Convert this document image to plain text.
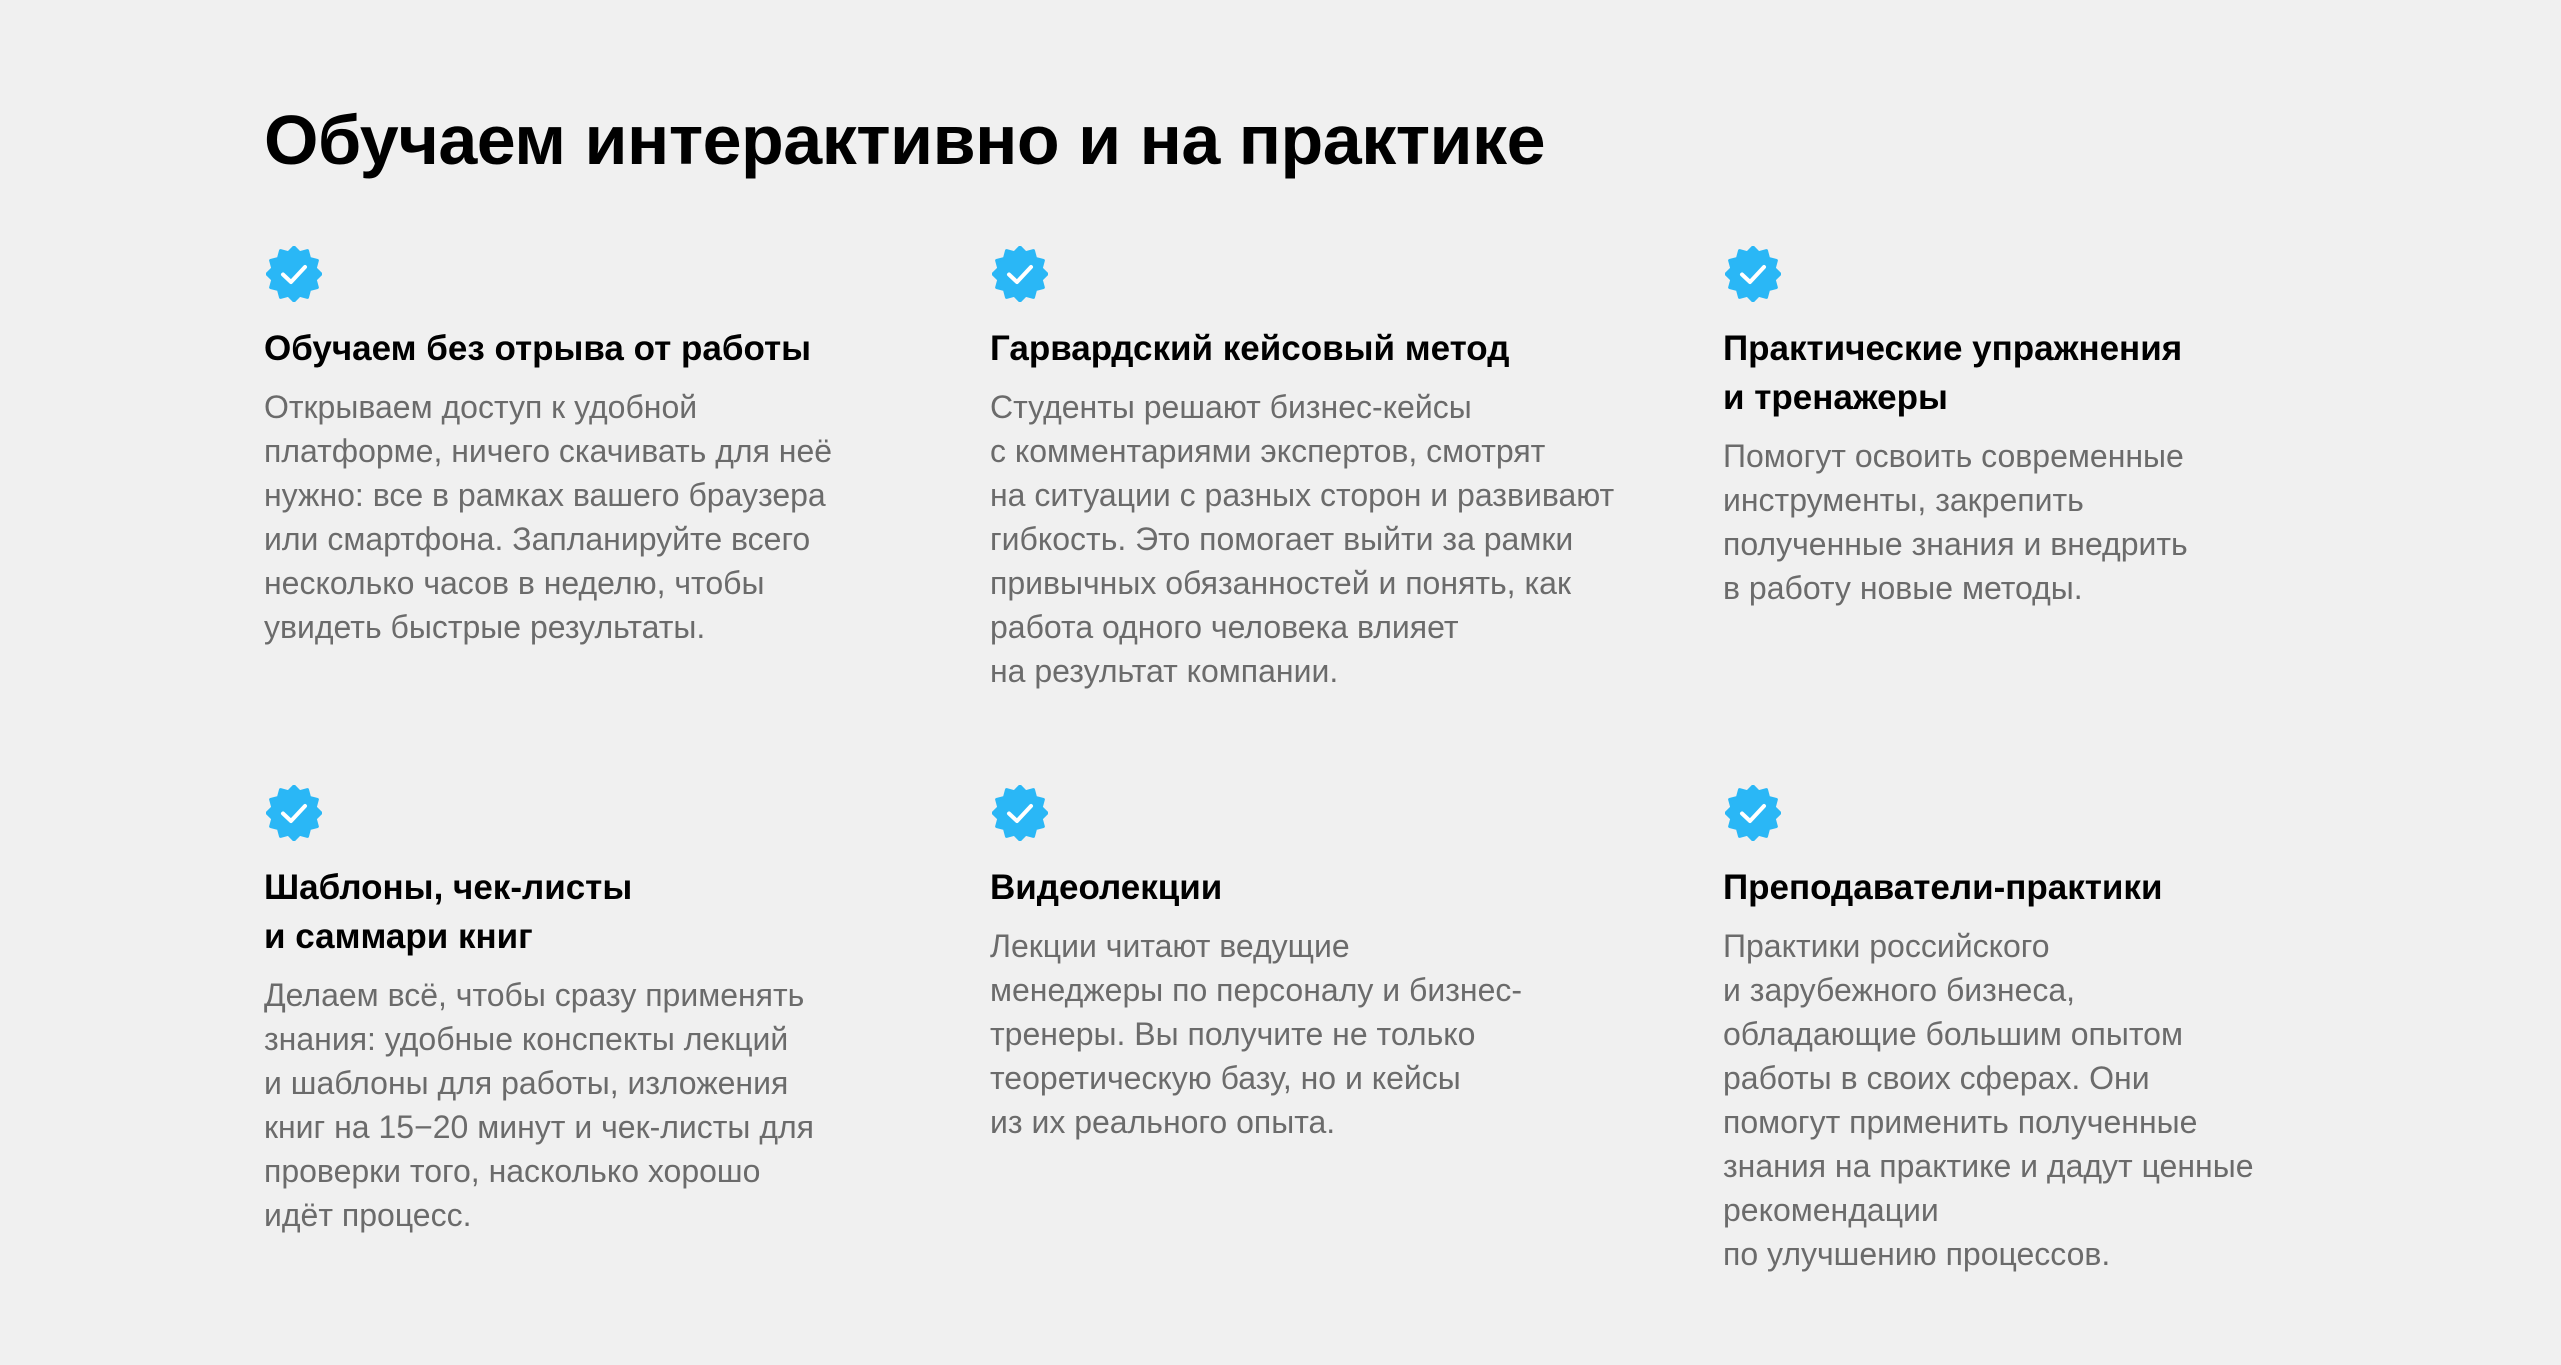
Обучаем интерактивно и на практике
Обучаем без отрыва от работы

Открываем доступ к удобной
платформе, ничего скачивать для неё
нужно: все в рамках вашего браузера
или смартфона. Запланируйте всего
несколько часов в неделю, чтобы
увидеть быстрые результаты.

Гарвардский кейсовый метод

Студенты решают бизнес-кейсы
с комментариями экспертов, смотрят
на ситуации с разных сторон и развивают
гибкость. Это помогает выйти за рамки
привычных обязанностей и понять, как
работа одного человека влияет
на результат компании.

Практические упражнения
и тренажеры

Помогут освоить современные
инструменты, закрепить
полученные знания и внедрить
в работу новые методы.

Шаблоны, чек-листы
и саммари книг

Делаем всё, чтобы сразу применять
знания: удобные конспекты лекций
и шаблоны для работы, изложения
книг на 15−20 минут и чек-листы для
проверки того, насколько хорошо
идёт процесс.

Видеолекции

Лекции читают ведущие
менеджеры по персоналу и бизнес-
тренеры. Вы получите не только
теоретическую базу, но и кейсы
из их реального опыта.

Преподаватели-практики

Практики российского
и зарубежного бизнеса,
обладающие большим опытом
работы в своих сферах. Они
помогут применить полученные
знания на практике и дадут ценные
рекомендации
по улучшению процессов.
